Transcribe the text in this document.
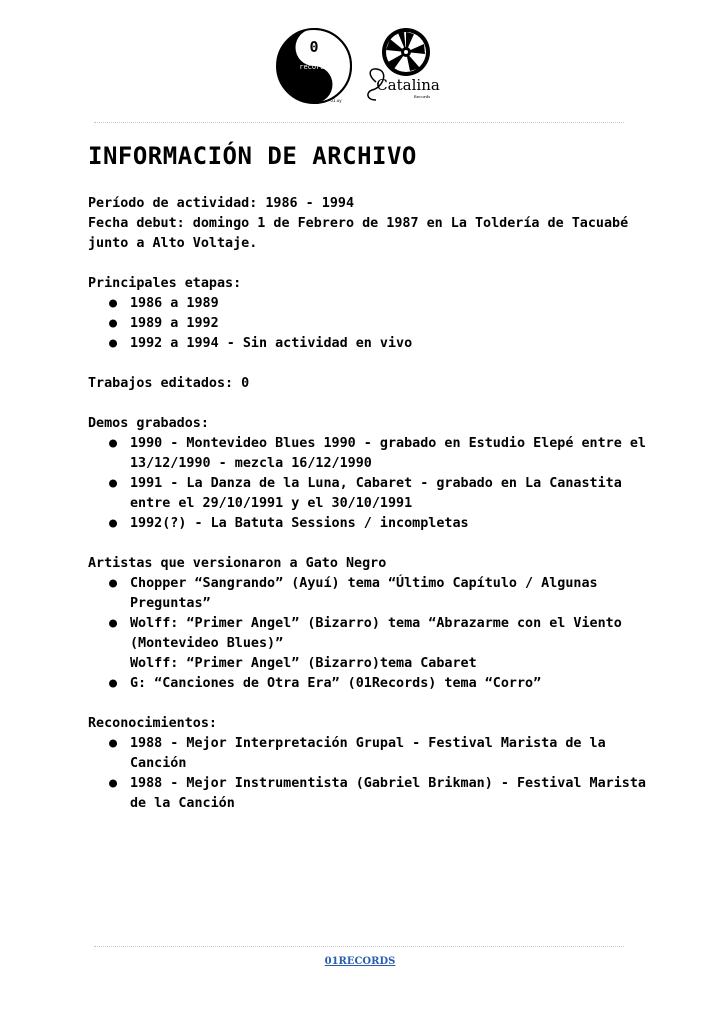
0
records
1
01.uy
Catalina
Records
INFORMACIÓN DE ARCHIVO

Período de actividad: 1986 - 1994

Fecha debut: domingo 1 de Febrero de 1987 en La Toldería de Tacuabé junto a Alto Voltaje.

Principales etapas:

● 1986 a 1989
● 1989 a 1992
● 1992 a 1994 - Sin actividad en vivo

Trabajos editados: 0

Demos grabados:

● 1990 - Montevideo Blues 1990 - grabado en Estudio Elepé entre el 13/12/1990 - mezcla 16/12/1990
● 1991 - La Danza de la Luna, Cabaret - grabado en La Canastita entre el 29/10/1991 y el 30/10/1991
● 1992(?) - La Batuta Sessions / incompletas

Artistas que versionaron a Gato Negro

● Chopper “Sangrando” (Ayuí) tema “Último Capítulo / Algunas Preguntas”
● Wolff: “Primer Angel” (Bizarro) tema “Abrazarme con el Viento (Montevideo Blues)”
Wolff: “Primer Angel” (Bizarro)tema Cabaret
● G: “Canciones de Otra Era” (01Records) tema “Corro”

Reconocimientos:

● 1988 - Mejor Interpretación Grupal - Festival Marista de la Canción
● 1988 - Mejor Instrumentista (Gabriel Brikman) - Festival Marista de la Canción
01RECORDS
